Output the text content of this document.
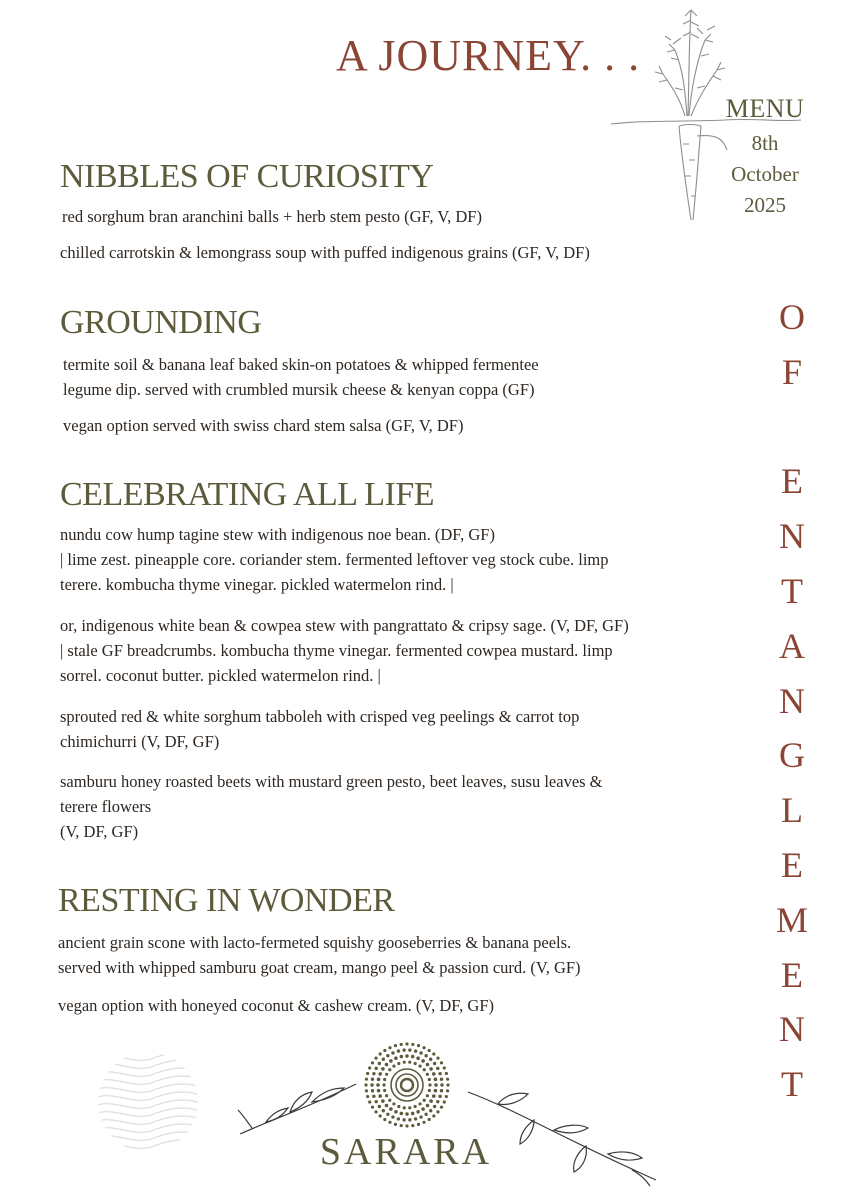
A JOURNEY. . .
MENU
8th
October
2025
O
F
E
N
T
A
N
G
L
E
M
E
N
T
NIBBLES OF CURIOSITY

red sorghum bran aranchini balls + herb stem pesto (GF, V, DF)

chilled carrotskin & lemongrass soup with puffed indigenous grains (GF, V, DF)

GROUNDING

termite soil & banana leaf baked skin-on potatoes & whipped fermentee
legume dip. served with crumbled mursik cheese & kenyan coppa (GF)

vegan option served with swiss chard stem salsa (GF, V, DF)

CELEBRATING ALL LIFE

nundu cow hump tagine stew with indigenous noe bean. (DF, GF)
| lime zest. pineapple core. coriander stem. fermented leftover veg stock cube. limp
terere. kombucha thyme vinegar. pickled watermelon rind. |

or, indigenous white bean & cowpea stew with pangrattato & cripsy sage. (V, DF, GF)
| stale GF breadcrumbs. kombucha thyme vinegar. fermented cowpea mustard. limp
sorrel. coconut butter. pickled watermelon rind. |

sprouted red & white sorghum tabboleh with crisped veg peelings & carrot top
chimichurri (V, DF, GF)

samburu honey roasted beets with mustard green pesto, beet leaves, susu leaves &
terere flowers
(V, DF, GF)

RESTING IN WONDER

ancient grain scone with lacto-fermeted squishy gooseberries & banana peels.
served with whipped samburu goat cream, mango peel & passion curd. (V, GF)

vegan option with honeyed coconut & cashew cream. (V, DF, GF)

SARARA
